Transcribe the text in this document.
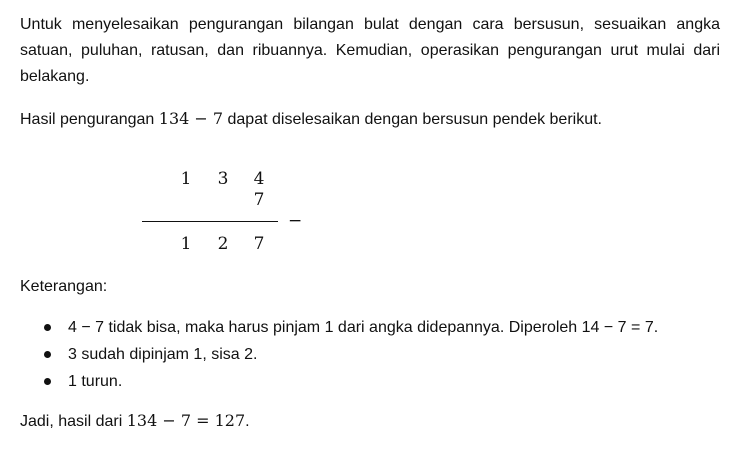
Untuk menyelesaikan pengurangan bilangan bulat dengan cara bersusun, sesuaikan angka satuan, puluhan, ratusan, dan ribuannya. Kemudian, operasikan pengurangan urut mulai dari belakang.

Hasil pengurangan 134 − 7 dapat diselesaikan dengan bersusun pendek berikut.

1 3 4
7
−
1 2 7

Keterangan:

4 − 7 tidak bisa, maka harus pinjam 1 dari angka didepannya. Diperoleh 14 − 7 = 7.
3 sudah dipinjam 1, sisa 2.
1 turun.

Jadi, hasil dari 134 − 7 = 127.
